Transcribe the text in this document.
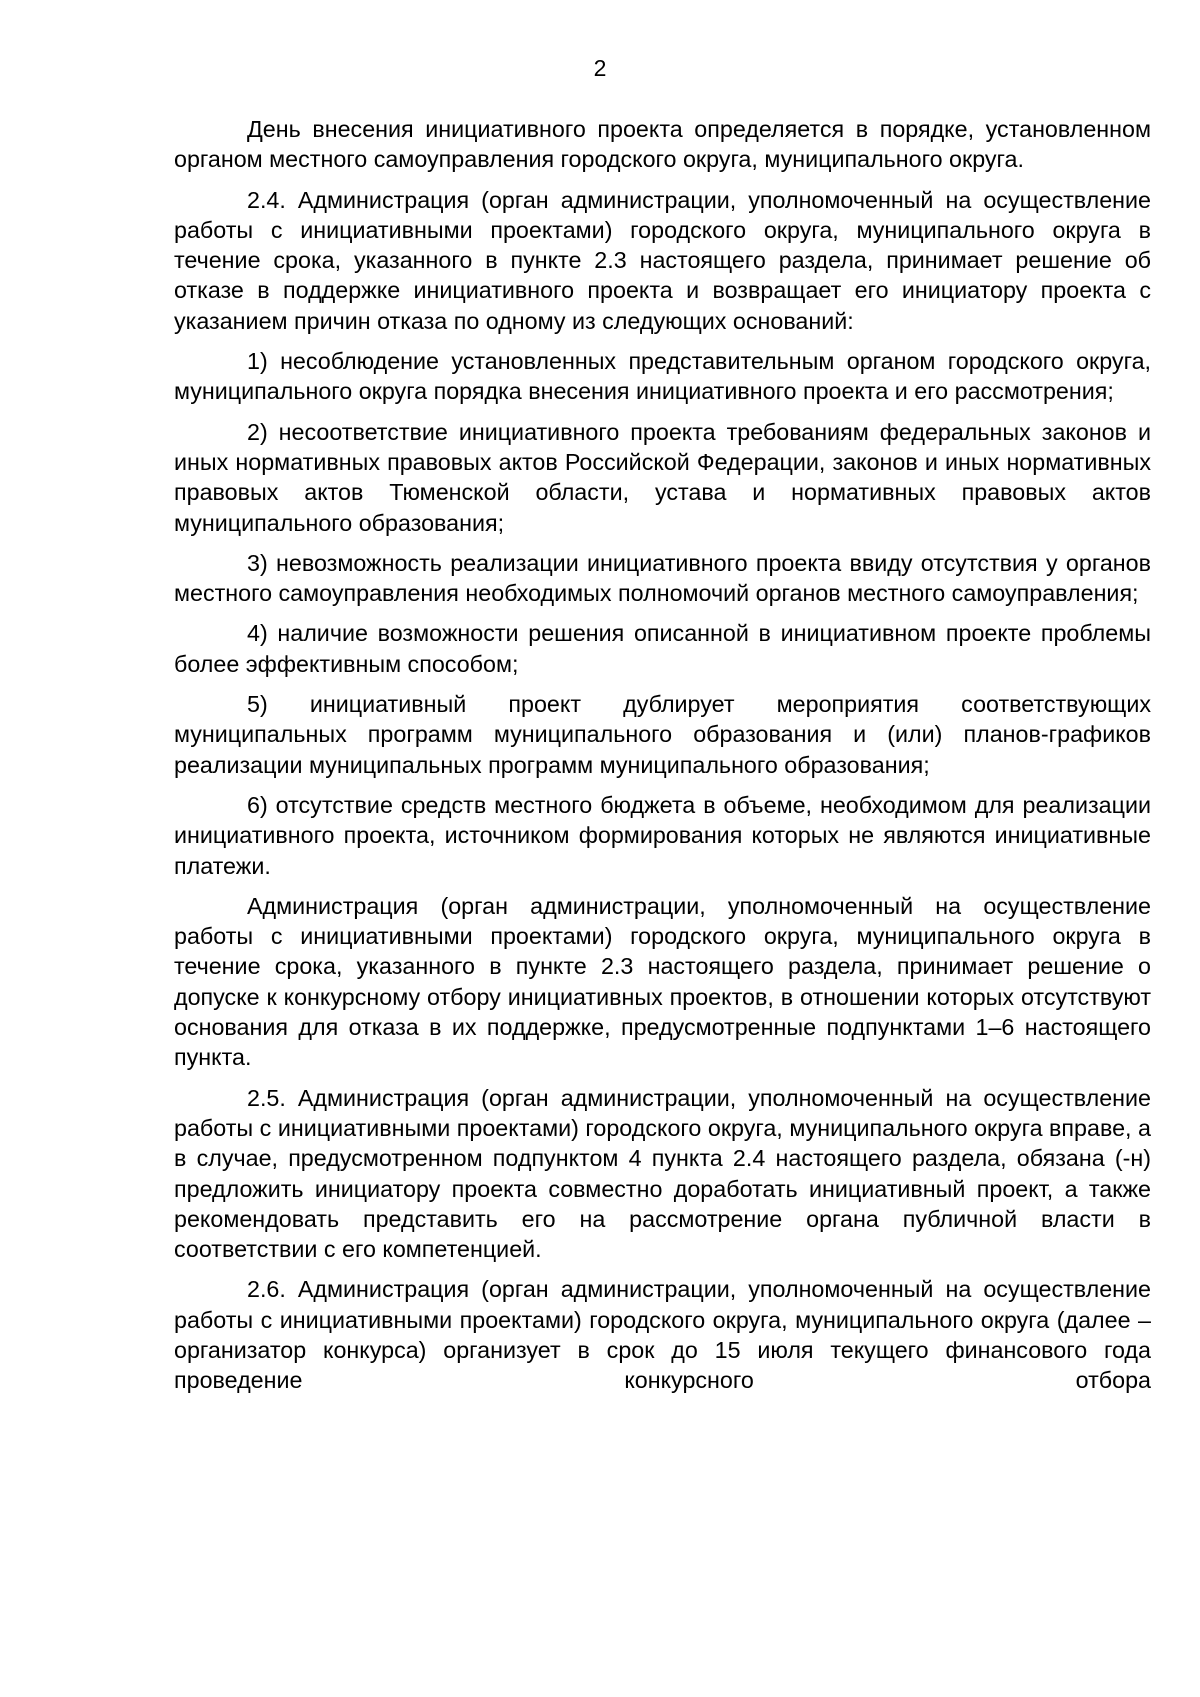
2

День внесения инициативного проекта определяется в порядке, установленном органом местного самоуправления городского округа, муниципального округа.

2.4. Администрация (орган администрации, уполномоченный на осуществление работы с инициативными проектами) городского округа, муниципального округа в течение срока, указанного в пункте 2.3 настоящего раздела, принимает решение об отказе в поддержке инициативного проекта и возвращает его инициатору проекта с указанием причин отказа по одному из следующих оснований:

1) несоблюдение установленных представительным органом городского округа, муниципального округа порядка внесения инициативного проекта и его рассмотрения;

2) несоответствие инициативного проекта требованиям федеральных законов и иных нормативных правовых актов Российской Федерации, законов и иных нормативных правовых актов Тюменской области, устава и нормативных правовых актов муниципального образования;

3) невозможность реализации инициативного проекта ввиду отсутствия у органов местного самоуправления необходимых полномочий органов местного самоуправления;

4) наличие возможности решения описанной в инициативном проекте проблемы более эффективным способом;

5) инициативный проект дублирует мероприятия соответствующих муниципальных программ муниципального образования и (или) планов-графиков реализации муниципальных программ муниципального образования;

6) отсутствие средств местного бюджета в объеме, необходимом для реализации инициативного проекта, источником формирования которых не являются инициативные платежи.

Администрация (орган администрации, уполномоченный на осуществление работы с инициативными проектами) городского округа, муниципального округа в течение срока, указанного в пункте 2.3 настоящего раздела, принимает решение о допуске к конкурсному отбору инициативных проектов, в отношении которых отсутствуют основания для отказа в их поддержке, предусмотренные подпунктами 1–6 настоящего пункта.

2.5. Администрация (орган администрации, уполномоченный на осуществление работы с инициативными проектами) городского округа, муниципального округа вправе, а в случае, предусмотренном подпунктом 4 пункта 2.4 настоящего раздела, обязана (-н) предложить инициатору проекта совместно доработать инициативный проект, а также рекомендовать представить его на рассмотрение органа публичной власти в соответствии с его компетенцией.

2.6. Администрация (орган администрации, уполномоченный на осуществление работы с инициативными проектами) городского округа, муниципального округа (далее – организатор конкурса) организует в срок до 15 июля текущего финансового года проведение конкурсного отбора
